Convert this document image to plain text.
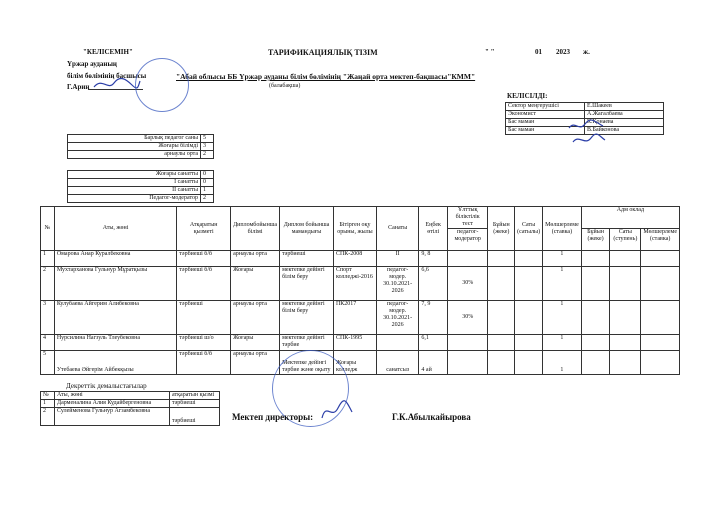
"КЕЛІСЕМІН"	ТАРИФИКАЦИЯЛЫҚ ТІЗІМ	" "	01 2023 ж.
Үржар ауданың
білім бөлімінің басшысы	"Абай облысы ББ Үржар ауданы білім бөлімінің "Жаңай орта мектеп-бақшасы"КММ"
(балабақша)
Г.Арин
КЕЛІСІЛДІ:
Сектор меңгерушісі	Е.Шакеев
Экономист	А.Жагалбаева
Бас маман	К.Қонаева
Бас маман	В.Байконова
Барлық педагог саны	5
Жоғары білімді	3
арнаулы орта	2
Жоғары санатты	0
I санатты	0
II санатты	1
Педагог-модератор	2
№	Аты, жөні	Атқаратын қызметі	Дипломбойынша білімі	Диплом бойынша мамандығы	Бітірген оқу орыны, жылы	Санаты	Еңбек өтілі	Ұлттық біліктілік тест	Бұйын (жеке)	Саты (сатылы)	Мөлшерлеме (ставка)	Адм оклад		
								педагог-модератор				Бұйын (жеке)	Саты (ступень)	Мөлшерлеме (ставка)
1	Омарова Анар Куралбековна	тәрбиеші б/б	арнаулы орта	тәрбиеші	СПК-2008	II	9, 8				1			
2	Мухтарханова Гульнур Мұратқызы	тәрбиеші б/б	Жоғары	мектепке дейінгі білім беру	Спорт колледжі-2016	педагог-модер. 30.10.2021-2026	6,6	30%			1			
3	Кулубаева Айгерим Алибековна	тәрбиеші	арнаулы орта	мектепке дейінгі білім беру	ПК2017	педагог-модер. 30.10.2021-2026	7, 9	30%			1			
4	Нурсилина Нагзуль Тлеубековна	тәрбиеші ш/о	Жоғары	мектепке дейінгі тәрбие	СПК-1995		6,1				1			
5	Утебаева Әйгерім Айбекқызы	тәрбиеші б/б	арнаулы орта	Мектепке дейінгі тәрбие және оқыту	Жоғары колледж	санатсыз	4 ай				1			
Декреттік демалыстағылар
№	Аты, жөні	атқаратын қызмі
1	Дарменалина Алия Кудайбергеновна	тәрбиеші
2	Сулейменова Гульнур Агзамбековна	тәрбиеші	Мектеп директоры:	Г.К.Абылкайырова
